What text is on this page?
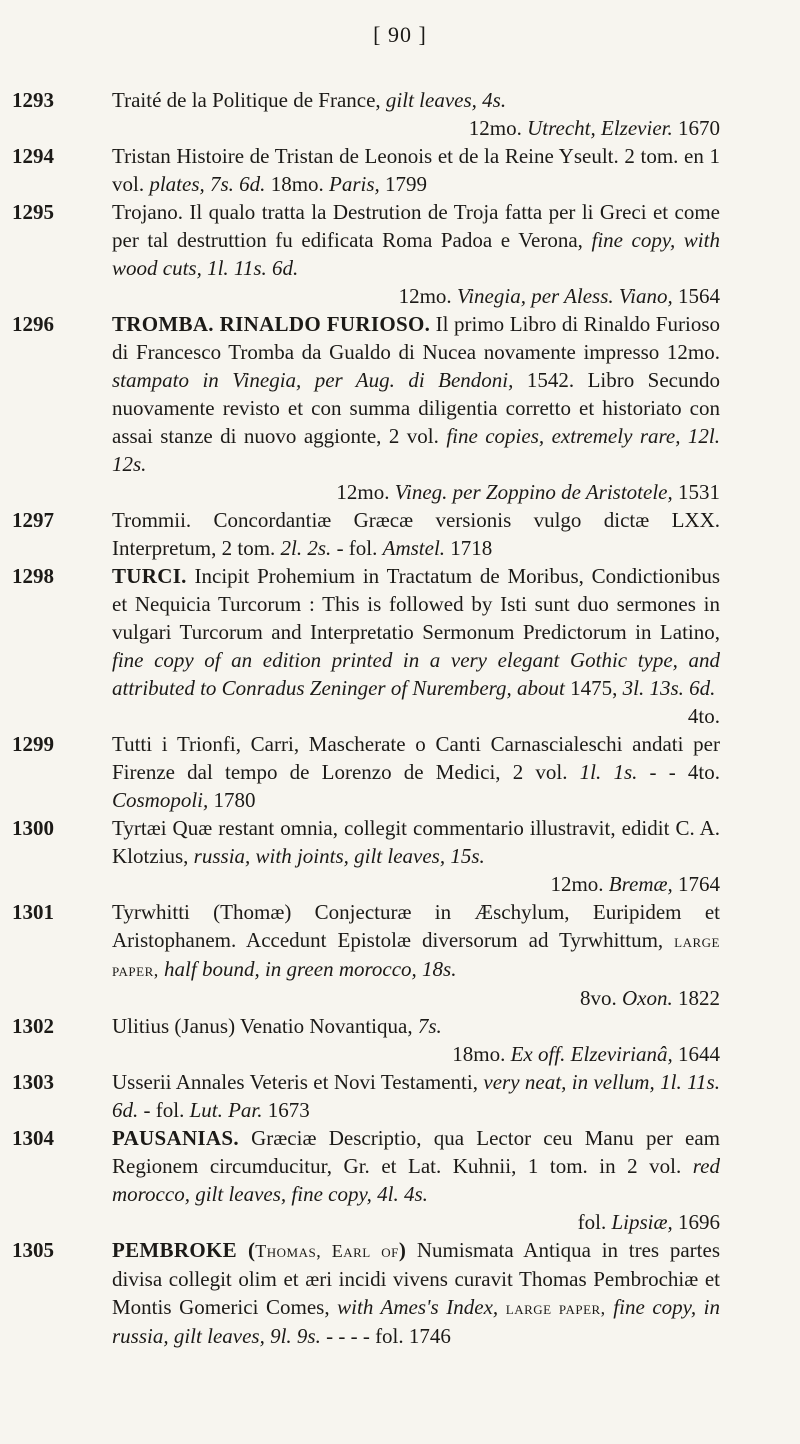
[ 90 ]
1293	Traité de la Politique de France, gilt leaves, 4s.
12mo. Utrecht, Elzevier. 1670
1294	Tristan Histoire de Tristan de Leonois et de la Reine Yseult. 2 tom. en 1 vol. plates, 7s. 6d. 18mo. Paris, 1799
1295	Trojano. Il qualo tratta la Destrution de Troja fatta per li Greci et come per tal destruttion fu edificata Roma Padoa e Verona, fine copy, with wood cuts, 1l. 11s. 6d.
12mo. Vinegia, per Aless. Viano, 1564
1296	TROMBA. RINALDO FURIOSO. Il primo Libro di Rinaldo Furioso di Francesco Tromba da Gualdo di Nucea novamente impresso 12mo. stampato in Vinegia, per Aug. di Bendoni, 1542. Libro Secundo nuovamente revisto et con summa diligentia corretto et historiato con assai stanze di nuovo aggionte, 2 vol. fine copies, extremely rare, 12l. 12s.
12mo. Vineg. per Zoppino de Aristotele, 1531
1297	Trommii. Concordantiæ Græcæ versionis vulgo dictæ LXX. Interpretum, 2 tom. 2l. 2s. - fol. Amstel. 1718
1298	TURCI. Incipit Prohemium in Tractatum de Moribus, Condictionibus et Nequicia Turcorum : This is followed by Isti sunt duo sermones in vulgari Turcorum and Interpretatio Sermonum Predictorum in Latino, fine copy of an edition printed in a very elegant Gothic type, and attributed to Conradus Zeninger of Nuremberg, about 1475, 3l. 13s. 6d.
4to.
1299	Tutti i Trionfi, Carri, Mascherate o Canti Carnascialeschi andati per Firenze dal tempo de Lorenzo de Medici, 2 vol. 1l. 1s. - - 4to. Cosmopoli, 1780
1300	Tyrtæi Quæ restant omnia, collegit commentario illustravit, edidit C. A. Klotzius, russia, with joints, gilt leaves, 15s.
12mo. Bremæ, 1764
1301	Tyrwhitti (Thomæ) Conjecturæ in Æschylum, Euripidem et Aristophanem. Accedunt Epistolæ diversorum ad Tyrwhittum, large paper, half bound, in green morocco, 18s.
8vo. Oxon. 1822
1302	Ulitius (Janus) Venatio Novantiqua, 7s.
18mo. Ex off. Elzevirianâ, 1644
1303	Usserii Annales Veteris et Novi Testamenti, very neat, in vellum, 1l. 11s. 6d. - fol. Lut. Par. 1673
1304	PAUSANIAS. Græciæ Descriptio, qua Lector ceu Manu per eam Regionem circumducitur, Gr. et Lat. Kuhnii, 1 tom. in 2 vol. red morocco, gilt leaves, fine copy, 4l. 4s.
fol. Lipsiæ, 1696
1305	PEMBROKE (Thomas, Earl of) Numismata Antiqua in tres partes divisa collegit olim et æri incidi vivens curavit Thomas Pembrochiæ et Montis Gomerici Comes, with Ames's Index, large paper, fine copy, in russia, gilt leaves, 9l. 9s. - - - - fol. 1746
